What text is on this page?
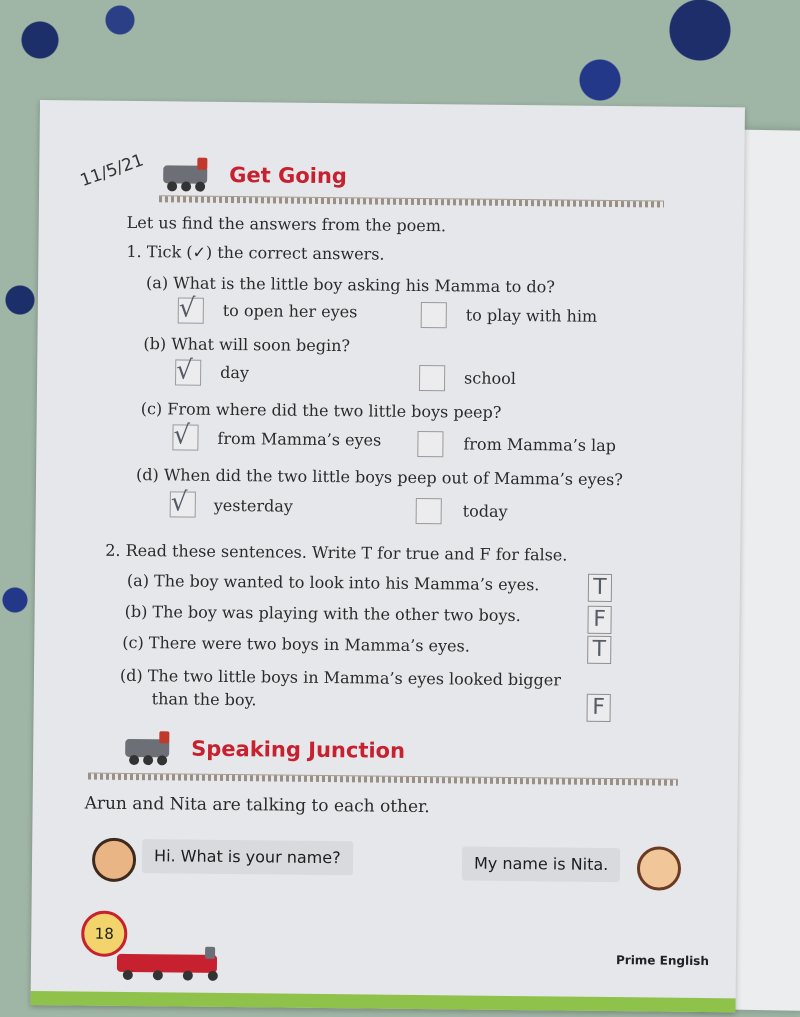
11/5/21	Get Going
Let us find the answers from the poem.
1. Tick (✓) the correct answers.
(a) What is the little boy asking his Mamma to do?
√ to open her eyes	to play with him
(b) What will soon begin?
√ day	school
(c) From where did the two little boys peep?
√ from Mamma’s eyes	from Mamma’s lap
(d) When did the two little boys peep out of Mamma’s eyes?
√ yesterday	today
2. Read these sentences. Write T for true and F for false.
(a) The boy wanted to look into his Mamma’s eyes. T
(b) The boy was playing with the other two boys.	F
(c) There were two boys in Mamma’s eyes.	T
(d) The two little boys in Mamma’s eyes looked bigger
than the boy.	F
Speaking Junction
Arun and Nita are talking to each other.
Hi. What is your name?	My name is Nita.
18
Prime English
